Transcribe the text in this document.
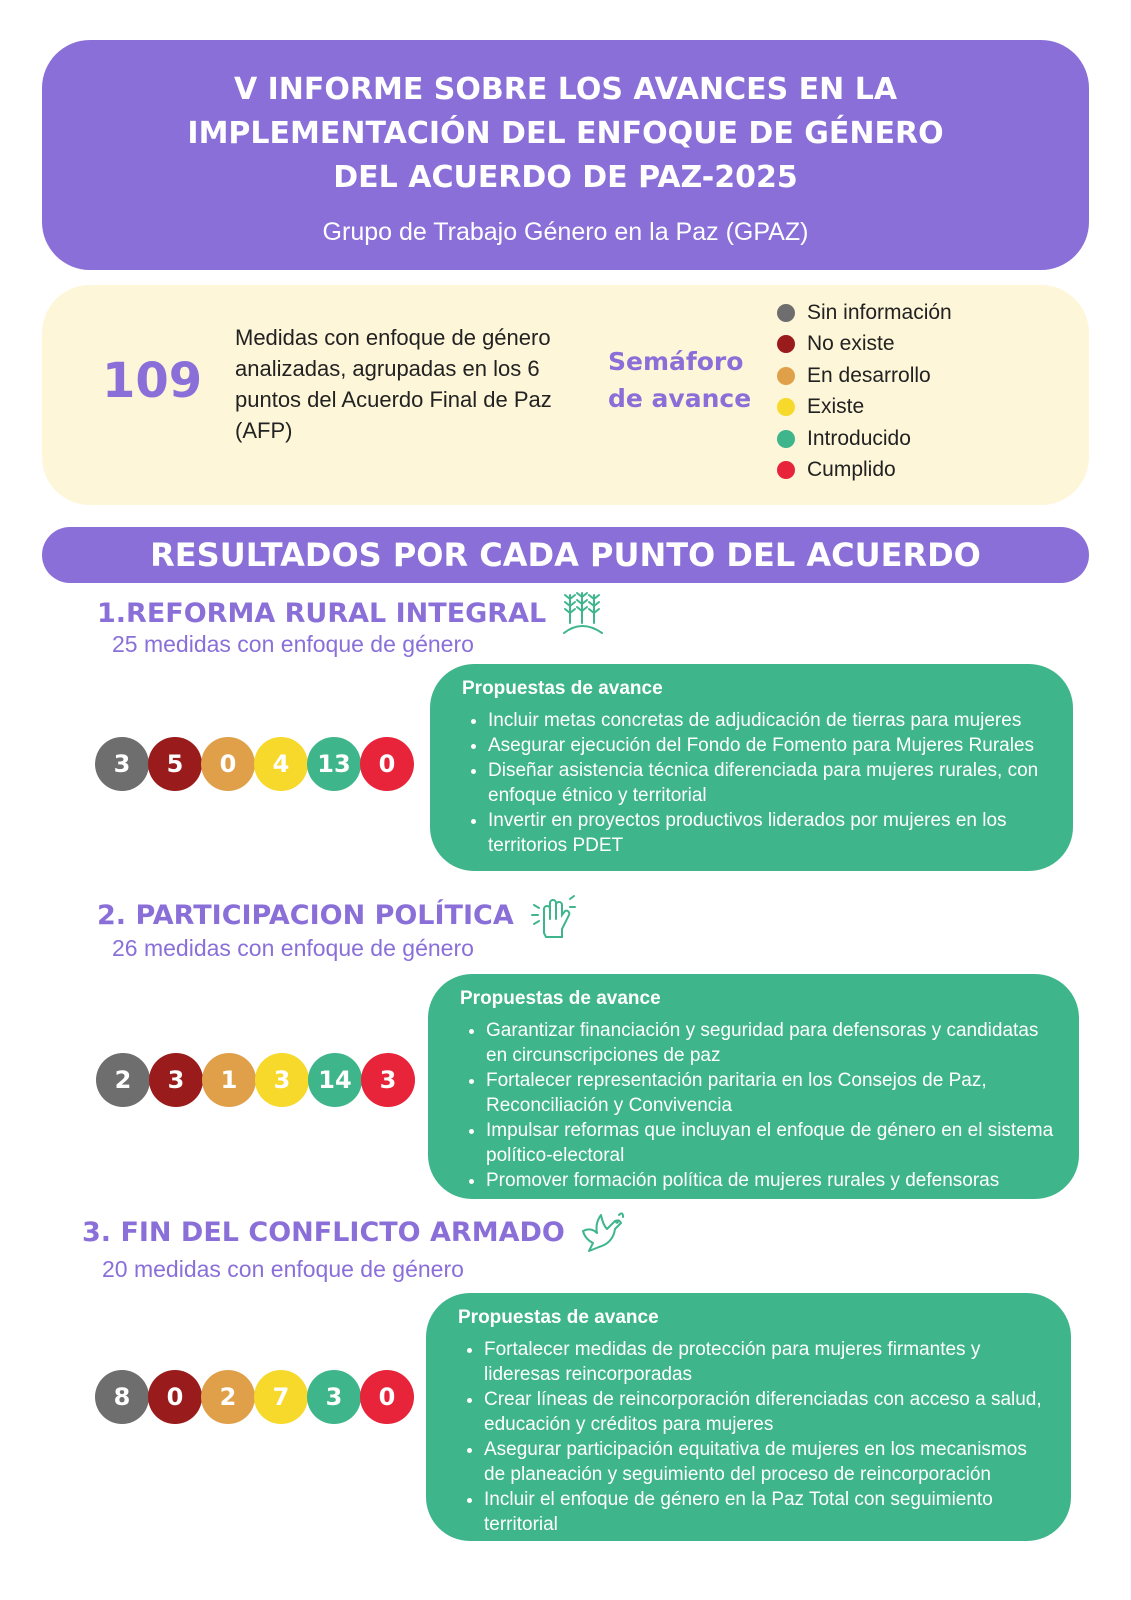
V INFORME SOBRE LOS AVANCES EN LA IMPLEMENTACIÓN DEL ENFOQUE DE GÉNERO DEL ACUERDO DE PAZ-2025
Grupo de Trabajo Género en la Paz (GPAZ)
109
Medidas con enfoque de género analizadas, agrupadas en los 6 puntos del Acuerdo Final de Paz (AFP)
Semáforo de avance
Sin información
No existe
En desarrollo
Existe
Introducido
Cumplido
RESULTADOS POR CADA PUNTO DEL ACUERDO
1.REFORMA RURAL INTEGRAL
25 medidas con enfoque de género
3	5	0	4	13	0
Propuestas de avance
• Incluir metas concretas de adjudicación de tierras para mujeres
• Asegurar ejecución del Fondo de Fomento para Mujeres Rurales
• Diseñar asistencia técnica diferenciada para mujeres rurales, con enfoque étnico y territorial
• Invertir en proyectos productivos liderados por mujeres en los territorios PDET
2. PARTICIPACION POLÍTICA
26 medidas con enfoque de género
2	3	1	3	14	3
Propuestas de avance
• Garantizar financiación y seguridad para defensoras y candidatas en circunscripciones de paz
• Fortalecer representación paritaria en los Consejos de Paz, Reconciliación y Convivencia
• Impulsar reformas que incluyan el enfoque de género en el sistema político-electoral
• Promover formación política de mujeres rurales y defensoras
3. FIN DEL CONFLICTO ARMADO
20 medidas con enfoque de género
8	0	2	7	3	0
Propuestas de avance
• Fortalecer medidas de protección para mujeres firmantes y lideresas reincorporadas
• Crear líneas de reincorporación diferenciadas con acceso a salud, educación y créditos para mujeres
• Asegurar participación equitativa de mujeres en los mecanismos de planeación y seguimiento del proceso de reincorporación
• Incluir el enfoque de género en la Paz Total con seguimiento territorial
